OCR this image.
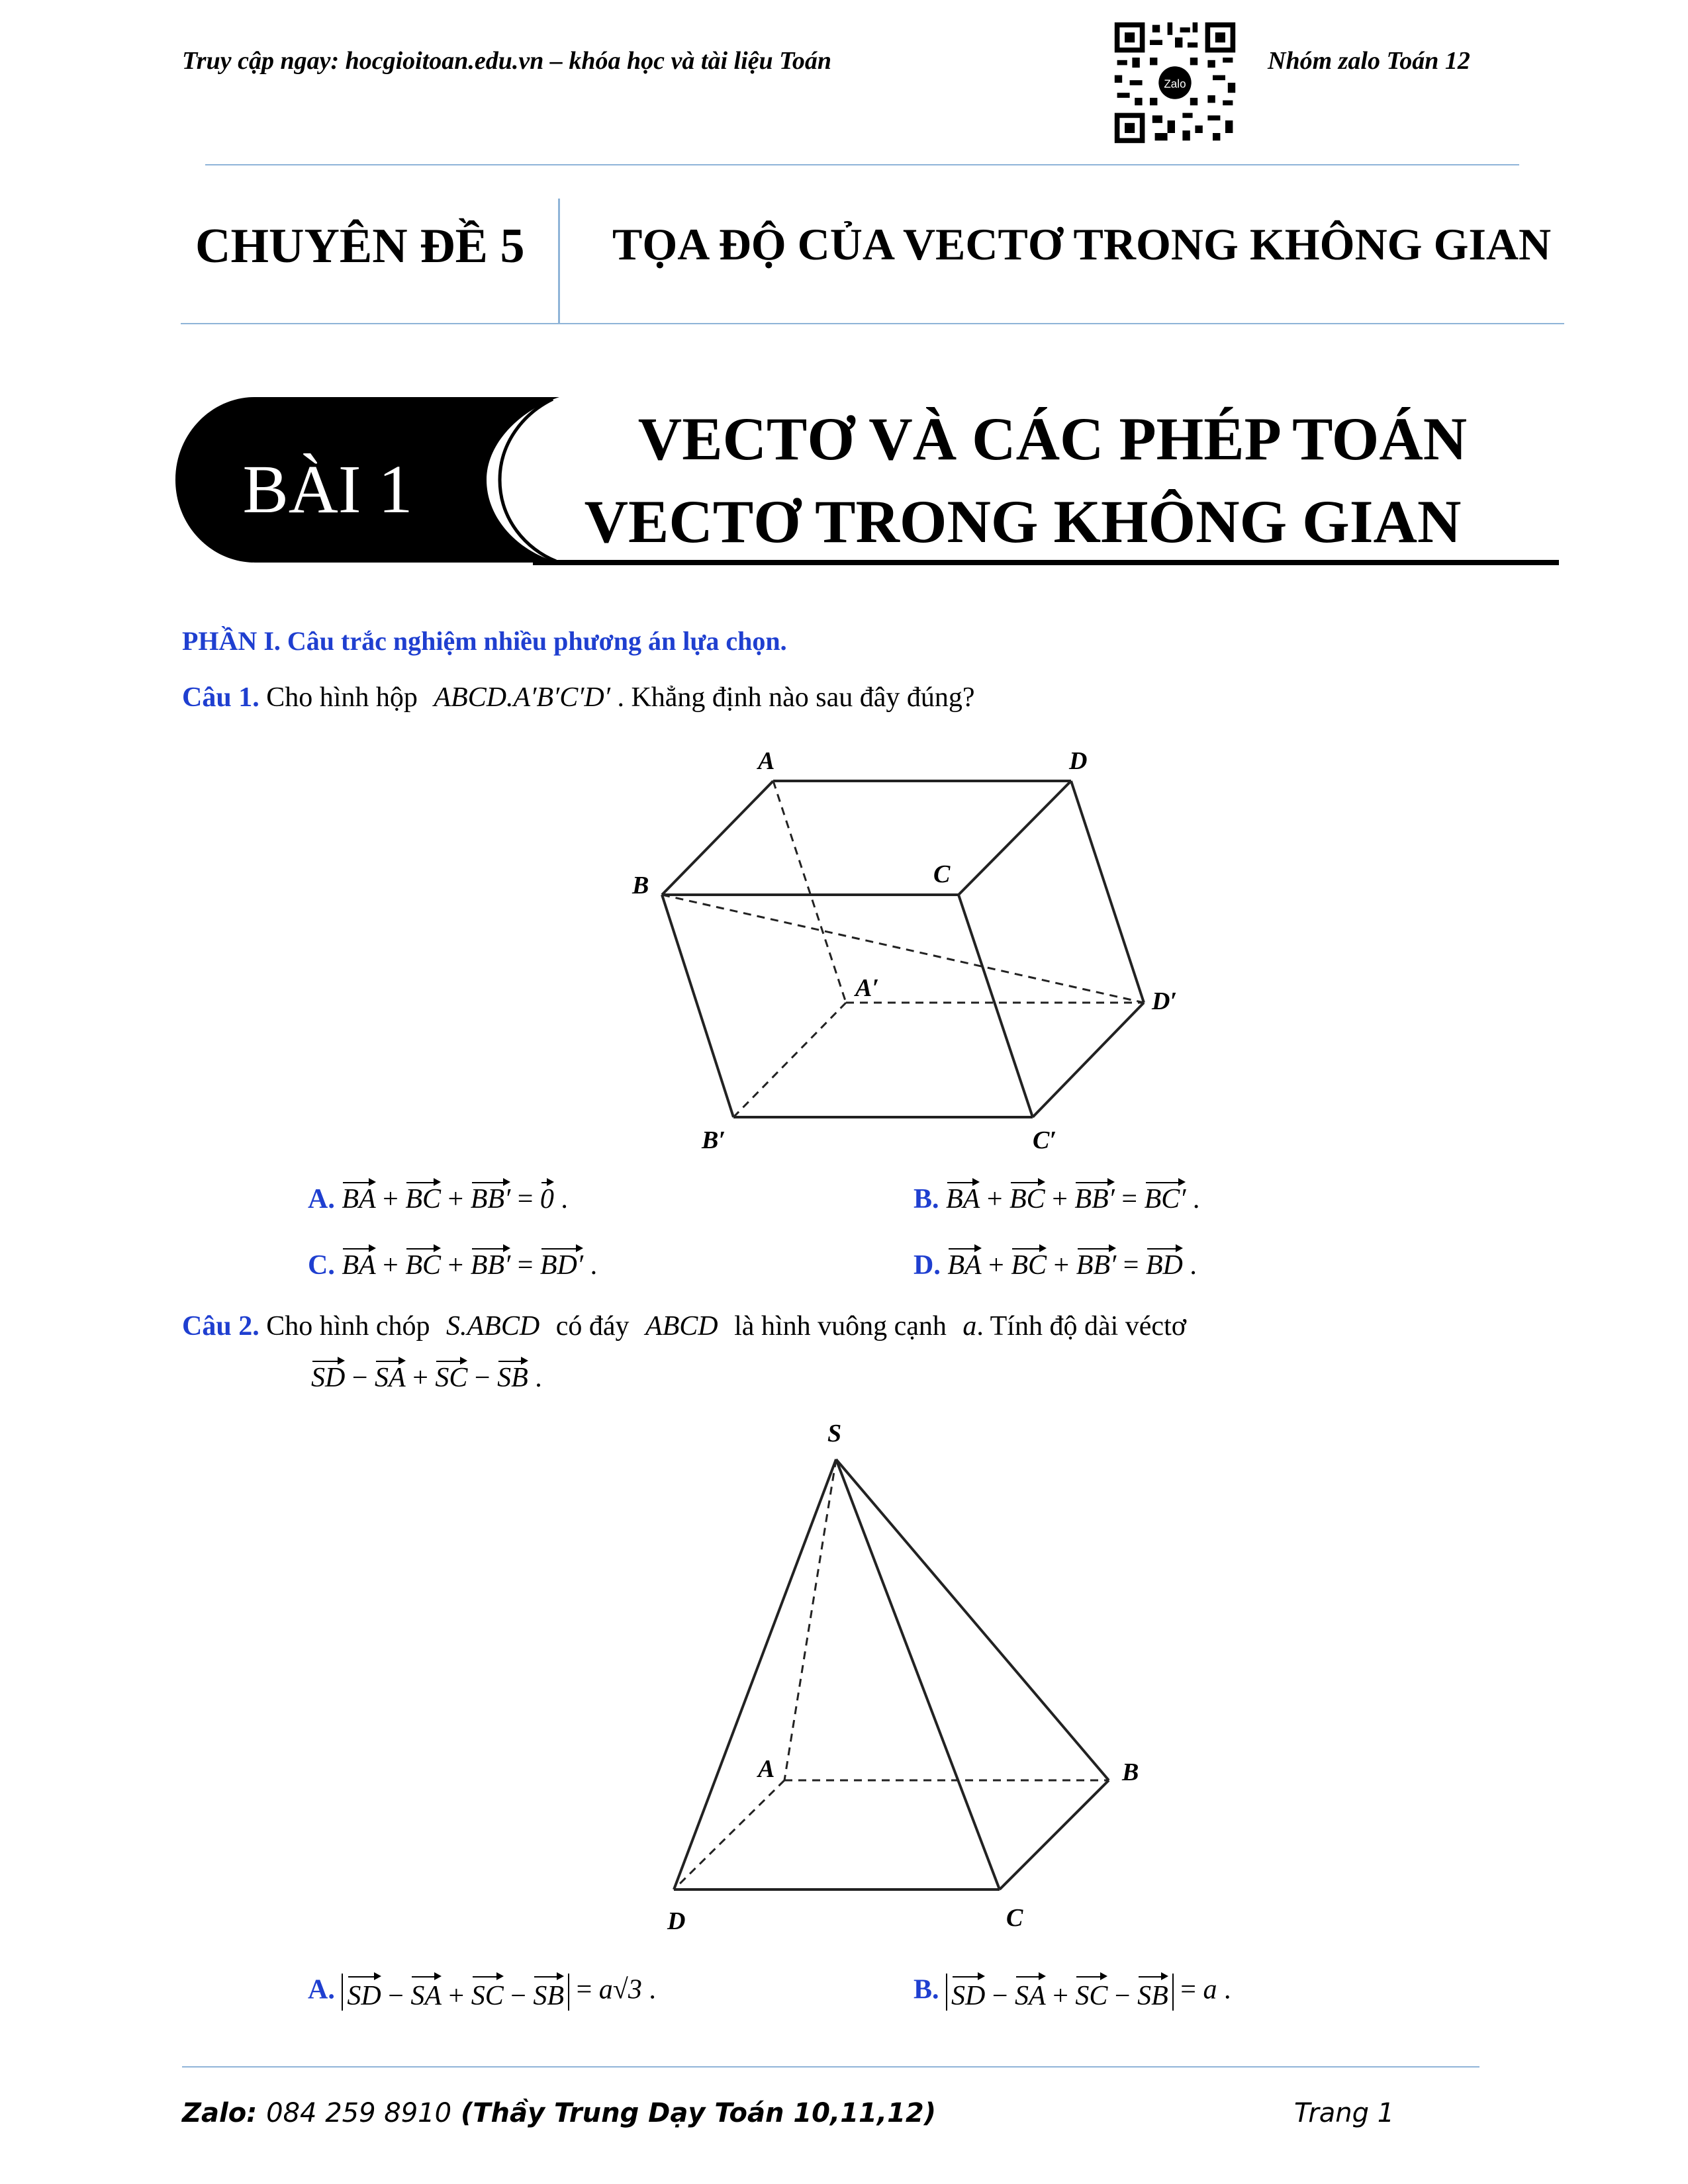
Truy cập ngay: hocgioitoan.edu.vn – khóa học và tài liệu Toán
Zalo
Nhóm zalo Toán 12
CHUYÊN ĐỀ 5 TỌA ĐỘ CỦA VECTƠ TRONG KHÔNG GIAN
BÀI 1
VECTƠ VÀ CÁC PHÉP TOÁN
VECTƠ TRONG KHÔNG GIAN
PHẦN I. Câu trắc nghiệm nhiều phương án lựa chọn.
Câu 1. Cho hình hộp ABCD.A′B′C′D′ . Khẳng định nào sau đây đúng?
A	D
B	C
A′	D′
B′	C′
A. BA + BC + BB′ = 0 .	B. BA + BC + BB′ = BC′ .
C. BA + BC + BB′ = BD′ .	D. BA + BC + BB′ = BD .
Câu 2. Cho hình chóp S.ABCD có đáy ABCD là hình vuông cạnh a. Tính độ dài véctơ
SD − SA + SC − SB .
S
A	B
D	C
A. SD − SA + SC − SB = a√3 .	B. SD − SA + SC − SB = a .
Zalo: 084 259 8910 (Thầy Trung Dạy Toán 10,11,12)	Trang 1
